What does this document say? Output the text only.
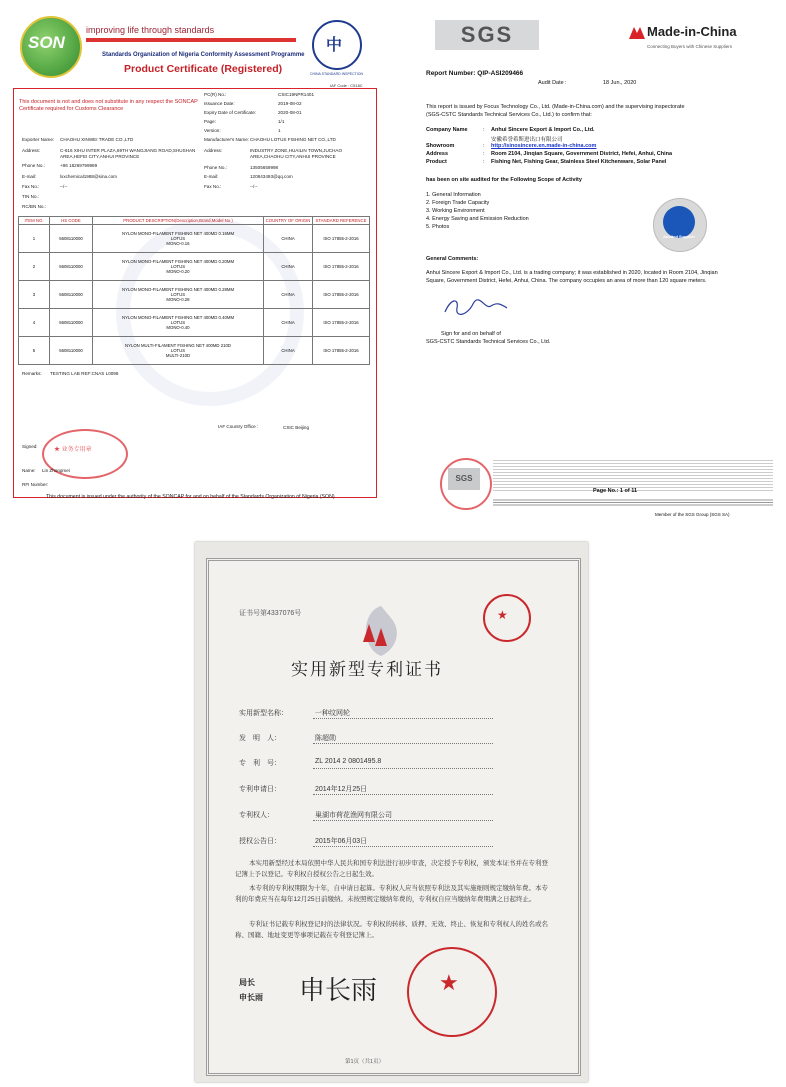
SON
improving life through standards
Standards Organization of Nigeria Conformity Assessment Programme
Product Certificate (Registered)
中
CHINA STANDARD INSPECTION
IAF Code : C518C
This document is not and does not substitute in any respect the SONCAP Certificate required for Customs Clearance
PC(R) No.:	CSIC19NPR1401
Issuance Date:	2019-08-02
Expiry Date of Certificate:	2020-08-01
Page:	1/1
Version:	1
Exporter Name: CHAOHU XINWEI TRADE CO.,LTD	Manufacturer's Name: CHAOHU LOTUS FISHING NET CO.,LTD
Address:	C-616 XIHU INTER PLAZA,69TH WANGJIANG ROAD,SHUSHAN AREA,HEFEI CITY,ANHUI PROVINCE
Address:	INDUSTRY ZONE,HUAILIN TOWN,JUCHAO AREA,CHAOHU CITY,ANHUI PROVINCE
Phone No.:	+86 18269799989	Phone No.:	13505659998
E-mail:	lxxchemical1988@sina.com	E-mail:	120843493@qq.com
Fax No.:	--/--	Fax No.:	--/--
TIN No.:
RC/BN No.:
ITEM NO.	HS CODE	PRODUCT DESCRIPTION(Description,Brand,Model No.)	COUNTRY OF ORIGIN	STANDARD REFERENCE
1	5608110000	NYLON MONO-FILAMENT FISHING NET 400MD 0.16MM
LOTUS
MONO-0.16	CHINA	ISO 17855-2-2016
2	5608110000	NYLON MONO-FILAMENT FISHING NET 400MD 0.20MM
LOTUS
MONO-0.20	CHINA	ISO 17855-2-2016
3	5608110000	NYLON MONO-FILAMENT FISHING NET 400MD 0.28MM
LOTUS
MONO-0.28	CHINA	ISO 17855-2-2016
4	5608110000	NYLON MONO-FILAMENT FISHING NET 400MD 0.40MM
LOTUS
MONO-0.40	CHINA	ISO 17855-2-2016
5	5608110000	NYLON MULTI-FILAMENT FISHING NET 400MD 210D
LOTUS
MULTI-210D	CHINA	ISO 17855-2-2016
Remarks: TESTING LAB REF:CNAS L0098
IAF Country Office :	CSIC Beijing
Signed:
★ 业务专用章
Name: Lin Zhongmei
RFI Number:
This document is issued under the authority of the SONCAP for and on behalf of the Standards Organization of Nigeria (SON)
SGS	Made-in-China
Connecting Buyers with Chinese Suppliers
Report Number: QIP-ASI209466
Audit Date :	18 Jun., 2020
This report is issued by Focus Technology Co., Ltd. (Made-in-China.com) and the supervising inspectorate
(SGS-CSTC Standards Technical Services Co., Ltd.) to confirm that:
Company Name	: Anhui Sincere Export & Import Co., Ltd.
安徽希誉希斯进出口有限公司
Showroom	: http://sinosincere.en.made-in-china.com
Address	: Room 2104, Jinqian Square, Government District, Hefei, Anhui, China
Product	: Fishing Net, Fishing Gear, Stainless Steel Kitchenware, Solar Panel
has been on site audited for the Following Scope of Activity
1. General Information
2. Foreign Trade Capacity
3. Working Environment
4. Energy Saving and Emission Reduction
5. Photos
Audited Supplier
General Comments:
Anhui Sincere Export & Import Co., Ltd. is a trading company; it was established in 2020, located in Room 2104, Jinqian
Square, Government District, Hefei, Anhui, China. The company occupies an area of more than 120 square meters.
Sign for and on behalf of
SGS-CSTC Standards Technical Services Co., Ltd.
SGS
Page No.: 1 of 11
Member of the SGS Group (SGS SA)
证书号第4337076号	★
实用新型专利证书
实用新型名称：	一种纹网轮
发　明　人：	陈超勋
专　利　号：	ZL 2014 2 0801495.8
专利申请日：	2014年12月25日
专利权人：	巢湖市荷花渔网有限公司
授权公告日：	2015年06月03日
本实用新型经过本局依照中华人民共和国专利法进行初步审查，决定授予专利权，颁发本证书并在专利登记簿上予以登记。专利权自授权公告之日起生效。
本专利的专利权期限为十年，自申请日起算。专利权人应当依照专利法及其实施细则规定缴纳年费。本专利的年费应当在每年12月25日前缴纳。未按照规定缴纳年费的，专利权自应当缴纳年费期满之日起终止。
专利证书记载专利权登记时的法律状况。专利权的转移、质押、无效、终止、恢复和专利权人的姓名或名称、国籍、地址变更等事项记载在专利登记簿上。
局长
申长雨 申长雨	★
第1页（共1页）
